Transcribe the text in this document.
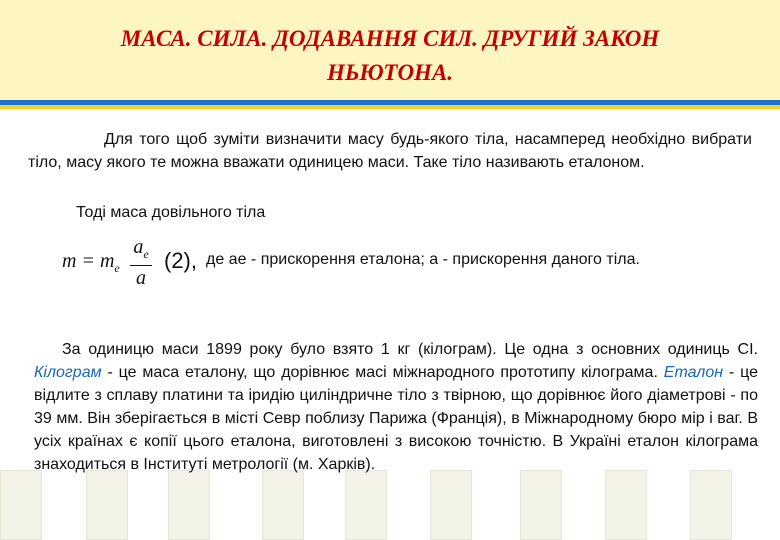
МАСА. СИЛА. ДОДАВАННЯ СИЛ. ДРУГИЙ ЗАКОН НЬЮТОНА.

Для того щоб зуміти визначити масу будь-якого тіла, насамперед необхідно вибрати тіло, масу якого те можна вважати одиницею маси. Таке тіло називають еталоном.

Тоді маса довільного тіла

$m = m_e \frac{a_e}{a} (2)$, де ае - прискорення еталона; а - прискорення даного тіла.

За одиницю маси 1899 року було взято 1 кг (кілограм). Це одна з основних одиниць СІ. Кілограм - це маса еталону, що дорівнює масі міжнародного прототипу кілограма. Еталон - це відлите з сплаву платини та іридію циліндричне тіло з твірною, що дорівнює його діаметрові - по 39 мм. Він зберігається в місті Севр поблизу Парижа (Франція), в Міжнародному бюро мір і ваг. В усіх країнах є копії цього еталона, виготовлені з високою точністю. В Україні еталон кілограма знаходиться в Інституті метрології (м. Харків).
